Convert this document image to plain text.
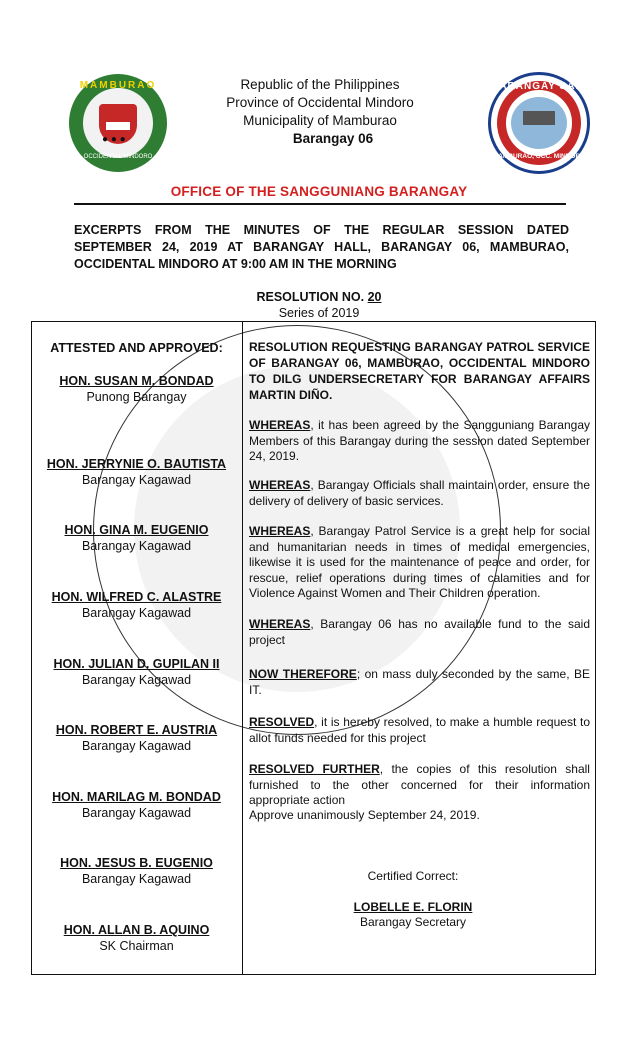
● ● ●
MAMBURAO
OCCIDENTAL MINDORO
Republic of the Philippines
Province of Occidental Mindoro
Municipality of Mamburao
Barangay 06
BARANGAY SAIS
MAMBURAO, OCC. MINDORO
OFFICE OF THE SANGGUNIANG BARANGAY
EXCERPTS FROM THE MINUTES OF THE REGULAR SESSION DATED SEPTEMBER 24, 2019 AT BARANGAY HALL, BARANGAY 06, MAMBURAO, OCCIDENTAL MINDORO AT 9:00 AM IN THE MORNING
RESOLUTION NO. 20
Series of 2019
ATTESTED AND APPROVED:
HON. SUSAN M. BONDAD
Punong Barangay
HON. JERRYNIE O. BAUTISTA
Barangay Kagawad
HON. GINA M. EUGENIO
Barangay Kagawad
HON. WILFRED C. ALASTRE
Barangay Kagawad
HON. JULIAN D. GUPILAN II
Barangay Kagawad
HON. ROBERT E. AUSTRIA
Barangay Kagawad
HON. MARILAG M. BONDAD
Barangay Kagawad
HON. JESUS B. EUGENIO
Barangay Kagawad
HON. ALLAN B. AQUINO
SK Chairman
RESOLUTION REQUESTING BARANGAY PATROL SERVICE OF BARANGAY 06, MAMBURAO, OCCIDENTAL MINDORO TO DILG UNDERSECRETARY FOR BARANGAY AFFAIRS MARTIN DIÑO.
WHEREAS, it has been agreed by the Sangguniang Barangay Members of this Barangay during the session dated September 24, 2019.
WHEREAS, Barangay Officials shall maintain order, ensure the delivery of delivery of basic services.
WHEREAS, Barangay Patrol Service is a great help for social and humanitarian needs in times of medical emergencies, likewise it is used for the maintenance of peace and order, for rescue, relief operations during times of calamities and for Violence Against Women and Their Children operation.
WHEREAS, Barangay 06 has no available fund to the said project
NOW THEREFORE; on mass duly seconded by the same, BE IT.
RESOLVED, it is hereby resolved, to make a humble request to allot funds needed for this project
RESOLVED FURTHER, the copies of this resolution shall furnished to the other concerned for their information appropriate action
Approve unanimously September 24, 2019.
Certified Correct:
LOBELLE E. FLORIN
Barangay Secretary
